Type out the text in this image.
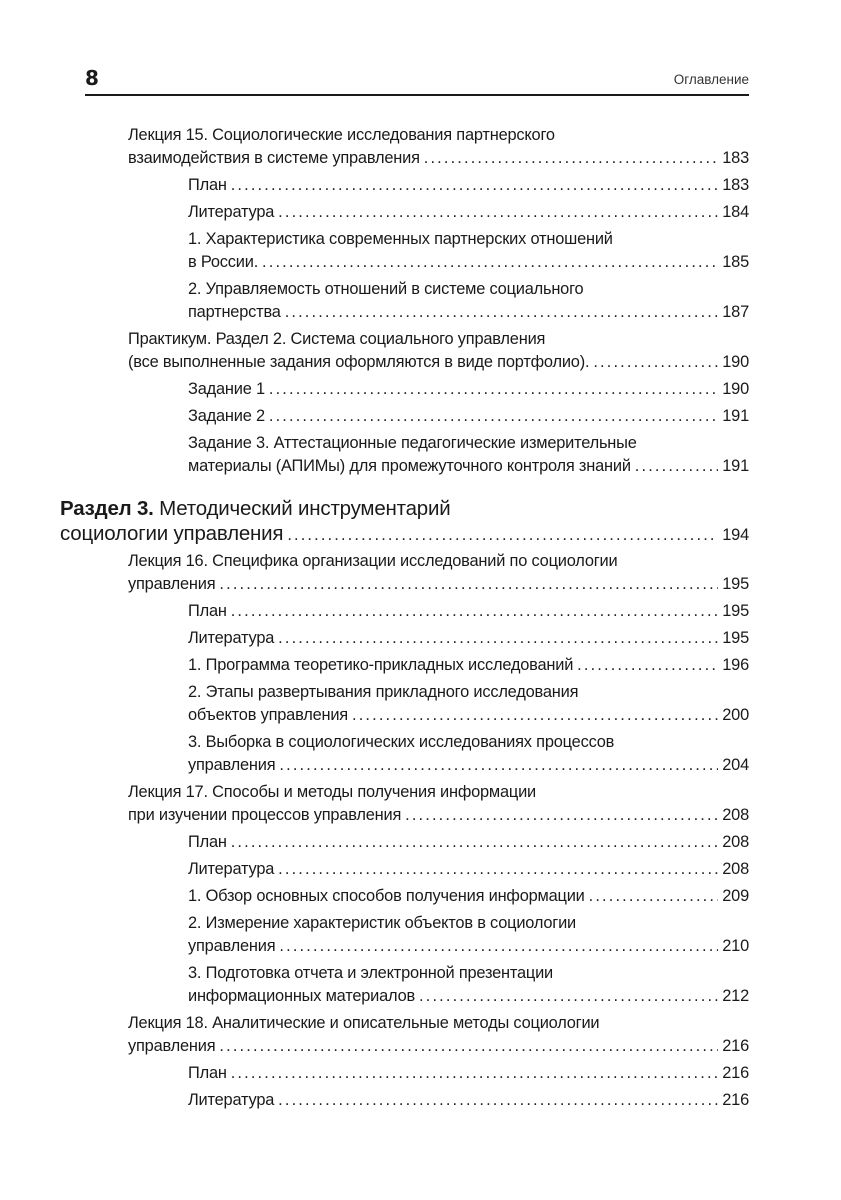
8	Оглавление
Лекция 15. Социологические исследования партнерского
взаимодействия в системе управления . . .	183
План . . .	183
Литература . . .	184
1. Характеристика современных партнерских отношений
в России. . . .	185
2. Управляемость отношений в системе социального
партнерства . . .	187
Практикум. Раздел 2. Система социального управления
(все выполненные задания оформляются в виде портфолио). . . .	190
Задание 1 . . .	190
Задание 2 . . .	191
Задание 3. Аттестационные педагогические измерительные
материалы (АПИМы) для промежуточного контроля знаний . . .	191
Раздел 3. Методический инструментарий
социологии управления . . .	194
Лекция 16. Специфика организации исследований по социологии
управления . . .	195
План . . .	195
Литература . . .	195
1. Программа теоретико-прикладных исследований . . .	196
2. Этапы развертывания прикладного исследования
объектов управления . . .	200
3. Выборка в социологических исследованиях процессов
управления . . .	204
Лекция 17. Способы и методы получения информации
при изучении процессов управления . . .	208
План . . .	208
Литература . . .	208
1. Обзор основных способов получения информации . . .	209
2. Измерение характеристик объектов в социологии
управления . . .	210
3. Подготовка отчета и электронной презентации
информационных материалов . . .	212
Лекция 18. Аналитические и описательные методы социологии
управления . . .	216
План . . .	216
Литература . . .	216
